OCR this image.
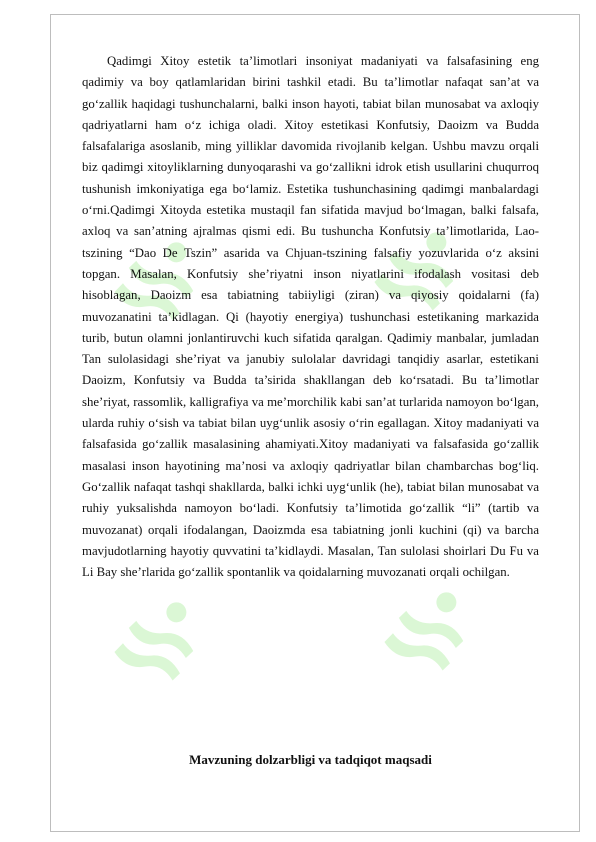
Qadimgi Xitoy estetik ta’limotlari insoniyat madaniyati va falsafasining eng qadimiy va boy qatlamlaridan birini tashkil etadi. Bu ta’limotlar nafaqat san’at va go‘zallik haqidagi tushunchalarni, balki inson hayoti, tabiat bilan munosabat va axloqiy qadriyatlarni ham o‘z ichiga oladi. Xitoy estetikasi Konfutsiy, Daoizm va Budda falsafalariga asoslanib, ming yilliklar davomida rivojlanib kelgan. Ushbu mavzu orqali biz qadimgi xitoyliklarning dunyoqarashi va go‘zallikni idrok etish usullarini chuqurroq tushunish imkoniyatiga ega bo‘lamiz. Estetika tushunchasining qadimgi manbalardagi o‘rni.Qadimgi Xitoyda estetika mustaqil fan sifatida mavjud bo‘lmagan, balki falsafa, axloq va san’atning ajralmas qismi edi. Bu tushuncha Konfutsiy ta’limotlarida, Lao-tszining “Dao De Tszin” asarida va Chjuan-tszining falsafiy yozuvlarida o‘z aksini topgan. Masalan, Konfutsiy she’riyatni inson niyatlarini ifodalash vositasi deb hisoblagan, Daoizm esa tabiatning tabiiyligi (ziran) va qiyosiy qoidalarni (fa) muvozanatini ta’kidlagan. Qi (hayotiy energiya) tushunchasi estetikaning markazida turib, butun olamni jonlantiruvchi kuch sifatida qaralgan. Qadimiy manbalar, jumladan Tan sulolasidagi she’riyat va janubiy sulolalar davridagi tanqidiy asarlar, estetikani Daoizm, Konfutsiy va Budda ta’sirida shakllangan deb ko‘rsatadi. Bu ta’limotlar she’riyat, rassomlik, kalligrafiya va me’morchilik kabi san’at turlarida namoyon bo‘lgan, ularda ruhiy o‘sish va tabiat bilan uyg‘unlik asosiy o‘rin egallagan. Xitoy madaniyati va falsafasida go‘zallik masalasining ahamiyati.Xitoy madaniyati va falsafasida go‘zallik masalasi inson hayotining ma’nosi va axloqiy qadriyatlar bilan chambarchas bog‘liq. Go‘zallik nafaqat tashqi shakllarda, balki ichki uyg‘unlik (he), tabiat bilan munosabat va ruhiy yuksalishda namoyon bo‘ladi. Konfutsiy ta’limotida go‘zallik “li” (tartib va muvozanat) orqali ifodalangan, Daoizmda esa tabiatning jonli kuchini (qi) va barcha mavjudotlarning hayotiy quvvatini ta’kidlaydi. Masalan, Tan sulolasi shoirlari Du Fu va Li Bay she’rlarida go‘zallik spontanlik va qoidalarning muvozanati orqali ochilgan.

Mavzuning dolzarbligi va tadqiqot maqsadi
